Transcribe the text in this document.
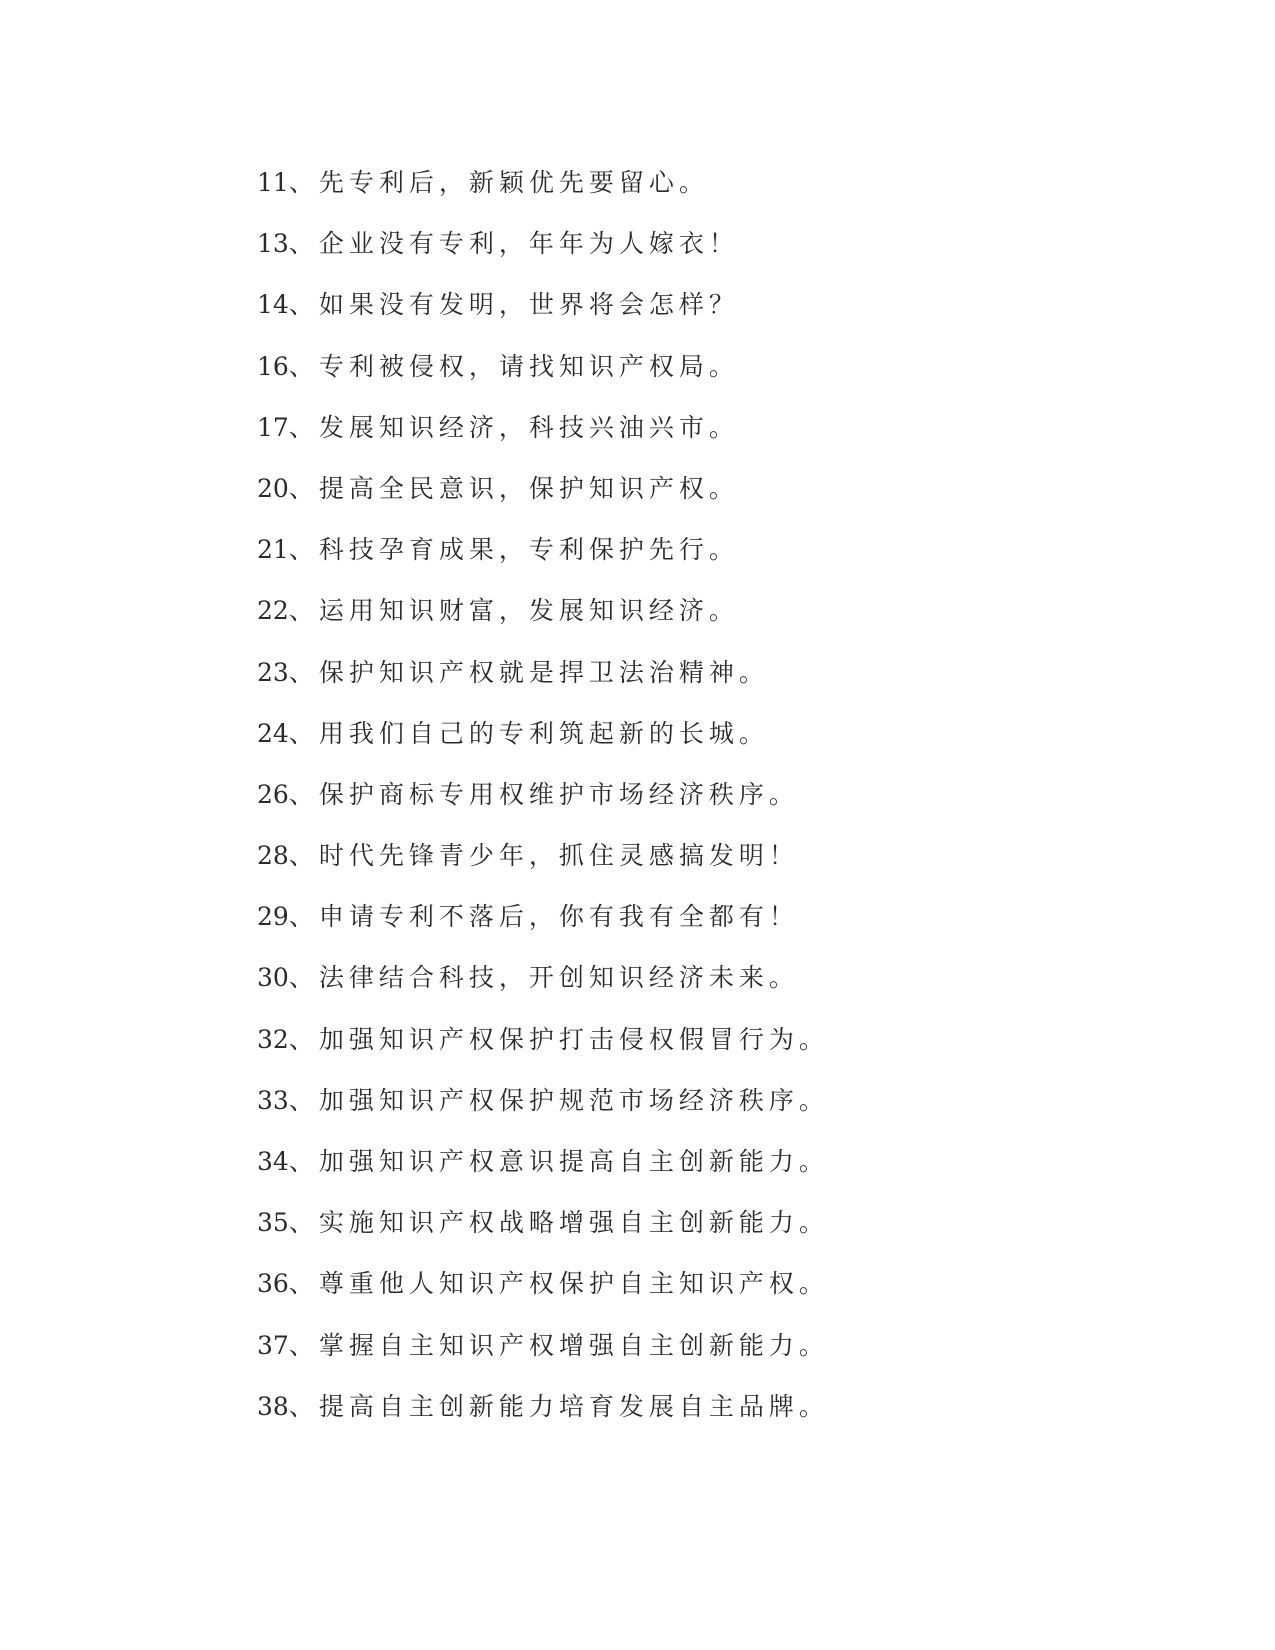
11、先专利后，新颖优先要留心。
13、企业没有专利，年年为人嫁衣！
14、如果没有发明，世界将会怎样？
16、专利被侵权，请找知识产权局。
17、发展知识经济，科技兴油兴市。
20、提高全民意识，保护知识产权。
21、科技孕育成果，专利保护先行。
22、运用知识财富，发展知识经济。
23、保护知识产权就是捍卫法治精神。
24、用我们自己的专利筑起新的长城。
26、保护商标专用权维护市场经济秩序。
28、时代先锋青少年，抓住灵感搞发明！
29、申请专利不落后，你有我有全都有！
30、法律结合科技，开创知识经济未来。
32、加强知识产权保护打击侵权假冒行为。
33、加强知识产权保护规范市场经济秩序。
34、加强知识产权意识提高自主创新能力。
35、实施知识产权战略增强自主创新能力。
36、尊重他人知识产权保护自主知识产权。
37、掌握自主知识产权增强自主创新能力。
38、提高自主创新能力培育发展自主品牌。
